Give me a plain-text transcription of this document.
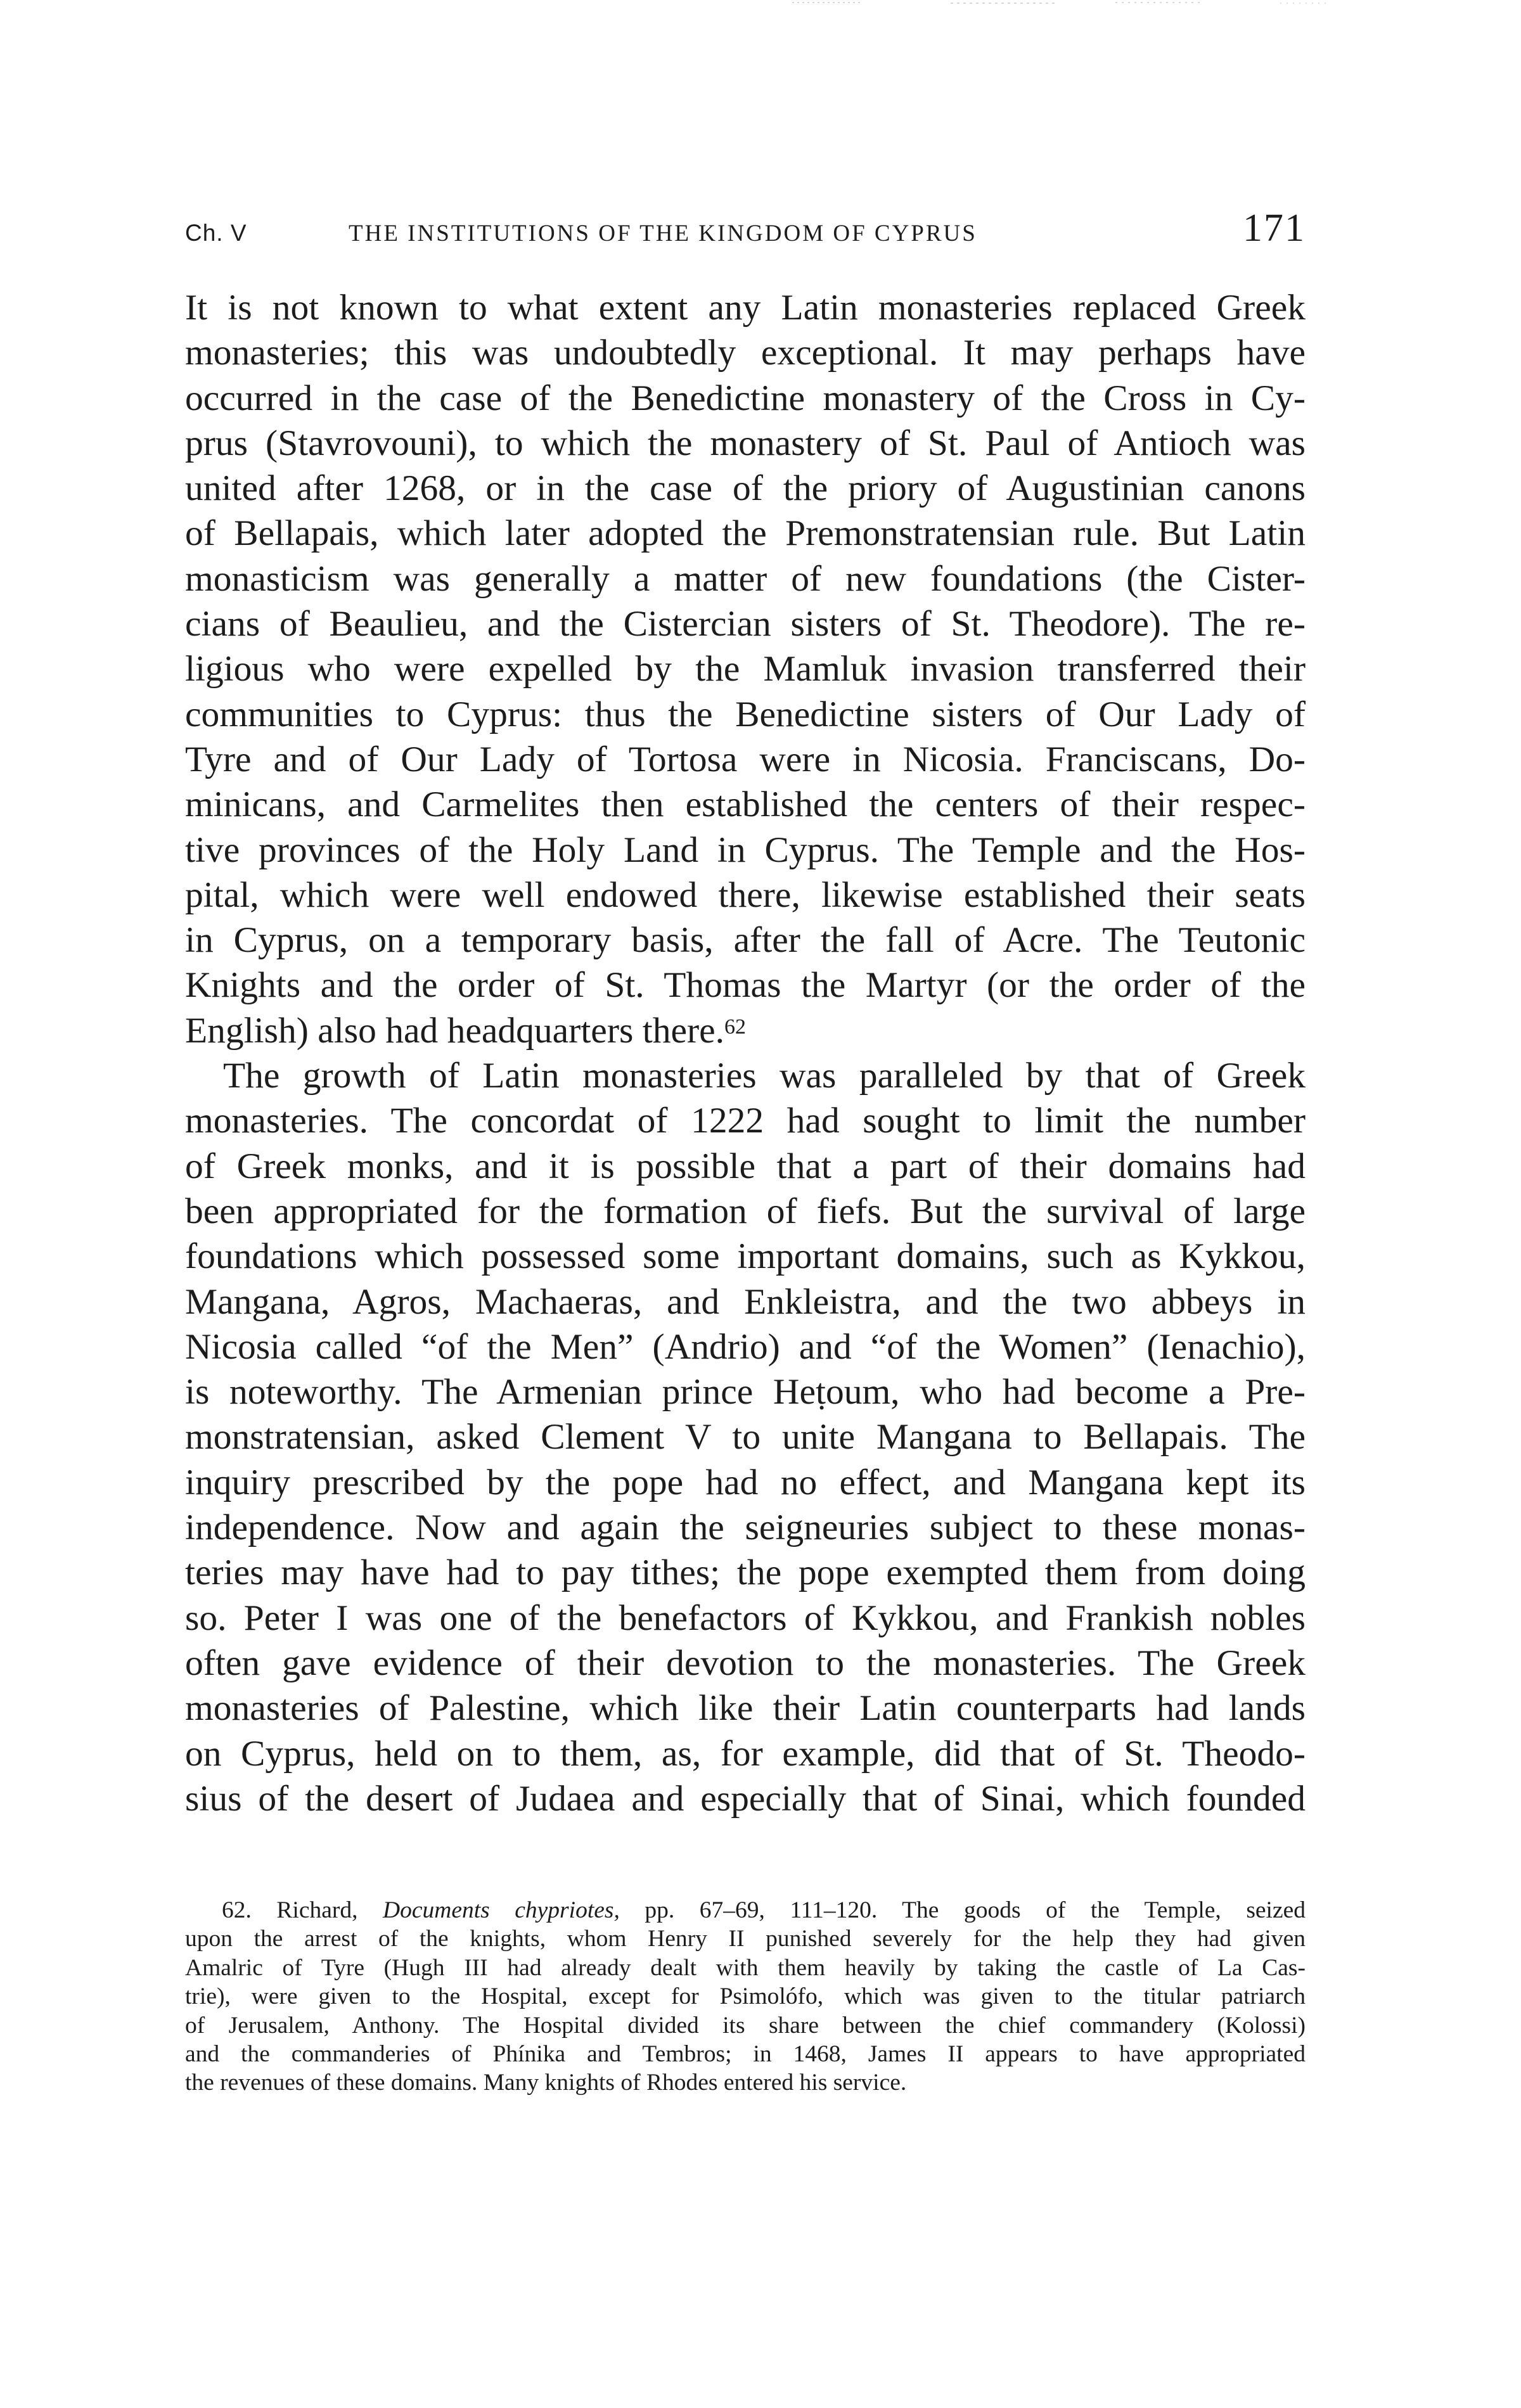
Ch. V	THE INSTITUTIONS OF THE KINGDOM OF CYPRUS	171
It is not known to what extent any Latin monasteries replaced Greek
monasteries; this was undoubtedly exceptional. It may perhaps have
occurred in the case of the Benedictine monastery of the Cross in Cy-
prus (Stavrovouni), to which the monastery of St. Paul of Antioch was
united after 1268, or in the case of the priory of Augustinian canons
of Bellapais, which later adopted the Premonstratensian rule. But Latin
monasticism was generally a matter of new foundations (the Cister-
cians of Beaulieu, and the Cistercian sisters of St. Theodore). The re-
ligious who were expelled by the Mamluk invasion transferred their
communities to Cyprus: thus the Benedictine sisters of Our Lady of
Tyre and of Our Lady of Tortosa were in Nicosia. Franciscans, Do-
minicans, and Carmelites then established the centers of their respec-
tive provinces of the Holy Land in Cyprus. The Temple and the Hos-
pital, which were well endowed there, likewise established their seats
in Cyprus, on a temporary basis, after the fall of Acre. The Teutonic
Knights and the order of St. Thomas the Martyr (or the order of the
English) also had headquarters there.$^{62}$
The growth of Latin monasteries was paralleled by that of Greek
monasteries. The concordat of 1222 had sought to limit the number
of Greek monks, and it is possible that a part of their domains had
been appropriated for the formation of fiefs. But the survival of large
foundations which possessed some important domains, such as Kykkou,
Mangana, Agros, Machaeras, and Enkleistra, and the two abbeys in
Nicosia called “of the Men” (Andrio) and “of the Women” (Ienachio),
is noteworthy. The Armenian prince Heṭoum, who had become a Pre-
monstratensian, asked Clement V to unite Mangana to Bellapais. The
inquiry prescribed by the pope had no effect, and Mangana kept its
independence. Now and again the seigneuries subject to these monas-
teries may have had to pay tithes; the pope exempted them from doing
so. Peter I was one of the benefactors of Kykkou, and Frankish nobles
often gave evidence of their devotion to the monasteries. The Greek
monasteries of Palestine, which like their Latin counterparts had lands
on Cyprus, held on to them, as, for example, did that of St. Theodo-
sius of the desert of Judaea and especially that of Sinai, which founded
62. Richard, Documents chypriotes, pp. 67–69, 111–120. The goods of the Temple, seized
upon the arrest of the knights, whom Henry II punished severely for the help they had given
Amalric of Tyre (Hugh III had already dealt with them heavily by taking the castle of La Cas-
trie), were given to the Hospital, except for Psimolófo, which was given to the titular patriarch
of Jerusalem, Anthony. The Hospital divided its share between the chief commandery (Kolossi)
and the commanderies of Phínika and Tembros; in 1468, James II appears to have appropriated
the revenues of these domains. Many knights of Rhodes entered his service.
